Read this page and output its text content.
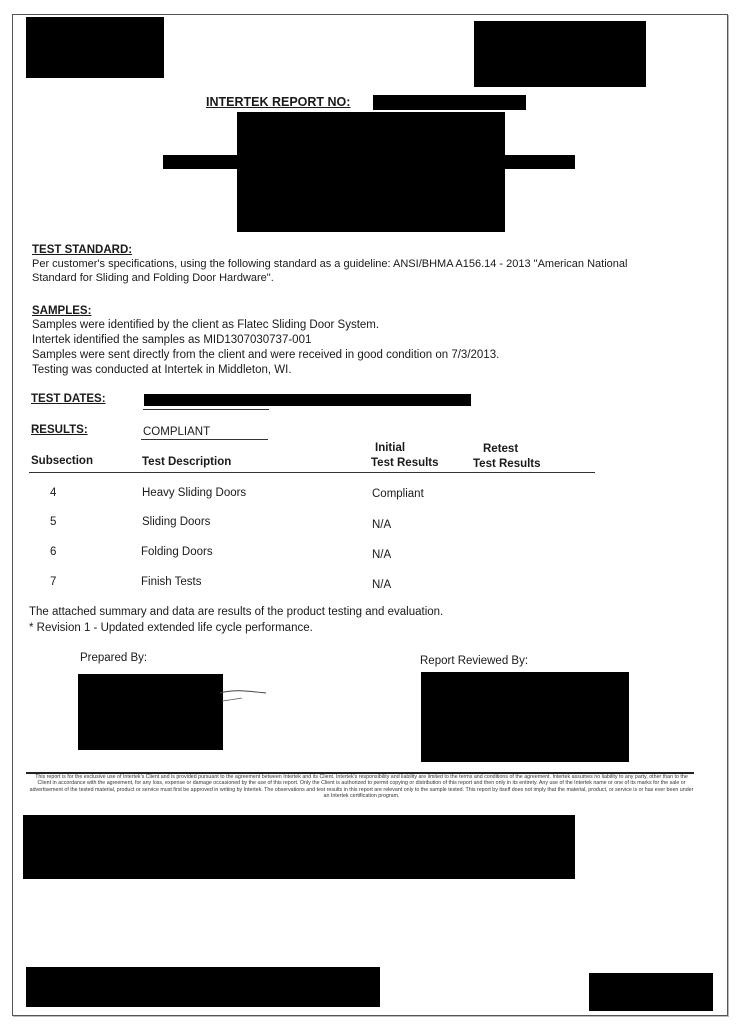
INTERTEK REPORT NO:
TEST STANDARD:
Per customer's specifications, using the following standard as a guideline: ANSI/BHMA A156.14 - 2013 "American National
Standard for Sliding and Folding Door Hardware".
SAMPLES:
Samples were identified by the client as Flatec Sliding Door System.
Intertek identified the samples as MID1307030737-001
Samples were sent directly from the client and were received in good condition on 7/3/2013.
Testing was conducted at Intertek in Middleton, WI.
TEST DATES:
RESULTS:	COMPLIANT
Subsection	Test Description
Initial
Test Results
Retest
Test Results
4	Heavy Sliding Doors	Compliant
5	Sliding Doors	N/A
6	Folding Doors	N/A
7	Finish Tests	N/A
The attached summary and data are results of the product testing and evaluation.
* Revision 1 - Updated extended life cycle performance.
Prepared By:	Report Reviewed By:
This report is for the exclusive use of Intertek's Client and is provided pursuant to the agreement between Intertek and its Client. Intertek's responsibility and liability are limited to the terms and conditions of the agreement. Intertek assumes no liability to any party, other than to the Client in accordance with the agreement, for any loss, expense or damage occasioned by the use of this report. Only the Client is authorized to permit copying or distribution of this report and then only in its entirety. Any use of the Intertek name or one of its marks for the sale or advertisement of the tested material, product or service must first be approved in writing by Intertek. The observations and test results in this report are relevant only to the sample tested. This report by itself does not imply that the material, product, or service is or has ever been under an Intertek certification program.
